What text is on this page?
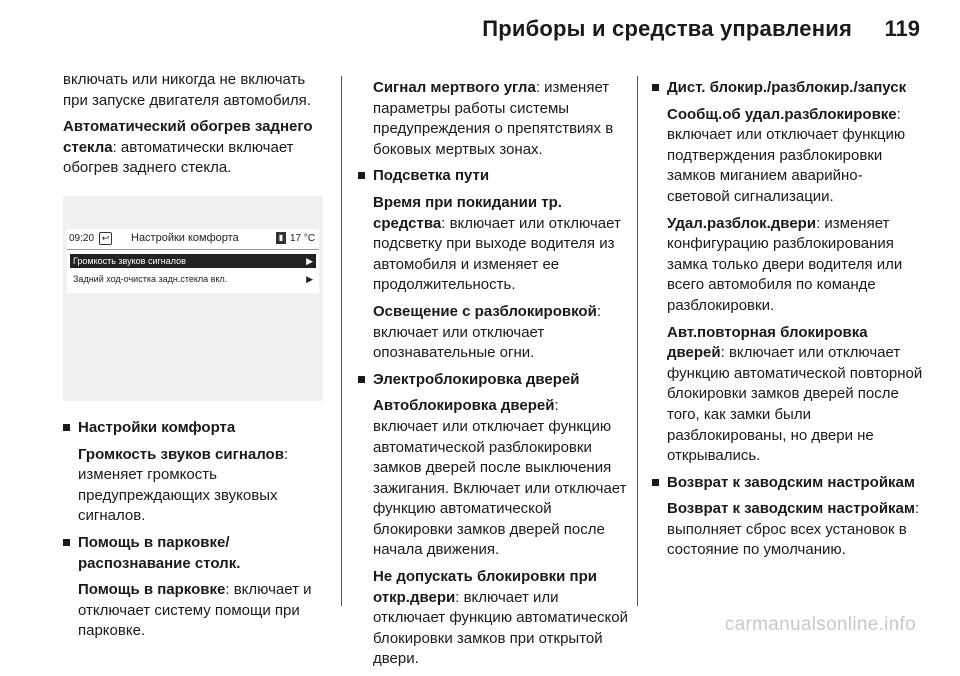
Приборы и средства управления 119

включать или никогда не включать при запуске двигателя автомобиля.

Автоматический обогрев заднего стекла: автоматически включает обогрев заднего стекла.

09:20 ↩ Настройки комфорта	▮ 17 °C
Громкость звуков сигналов	▶
Задний ход-очистка задн.стекла вкл.	▶
Настройки комфорта

Громкость звуков сигналов: изменяет громкость предупреждающих звуковых сигналов.

Помощь в парковке/ распознавание столк.

Помощь в парковке: включает и отключает систему помощи при парковке.

Сигнал мертвого угла: изменяет параметры работы системы предупреждения о препятствиях в боковых мертвых зонах.

Подсветка пути

Время при покидании тр. средства: включает или отключает подсветку при выходе водителя из автомобиля и изменяет ее продолжительность.

Освещение с разблокировкой: включает или отключает опознавательные огни.

Электроблокировка дверей

Автоблокировка дверей: включает или отключает функцию автоматической разблокировки замков дверей после выключения зажигания. Включает или отключает функцию автоматической блокировки замков дверей после начала движения.

Не допускать блокировки при откр.двери: включает или отключает функцию автоматической блокировки замков при открытой двери.

Дист. блокир./разблокир./запуск

Сообщ.об удал.разблокировке: включает или отключает функцию подтверждения разблокировки замков миганием аварийно-световой сигнализации.

Удал.разблок.двери: изменяет конфигурацию разблокирования замка только двери водителя или всего автомобиля по команде разблокировки.

Авт.повторная блокировка дверей: включает или отключает функцию автоматической повторной блокировки замков дверей после того, как замки были разблокированы, но двери не открывались.

Возврат к заводским настройкам

Возврат к заводским настройкам: выполняет сброс всех установок в состояние по умолчанию.

carmanualsonline.info
